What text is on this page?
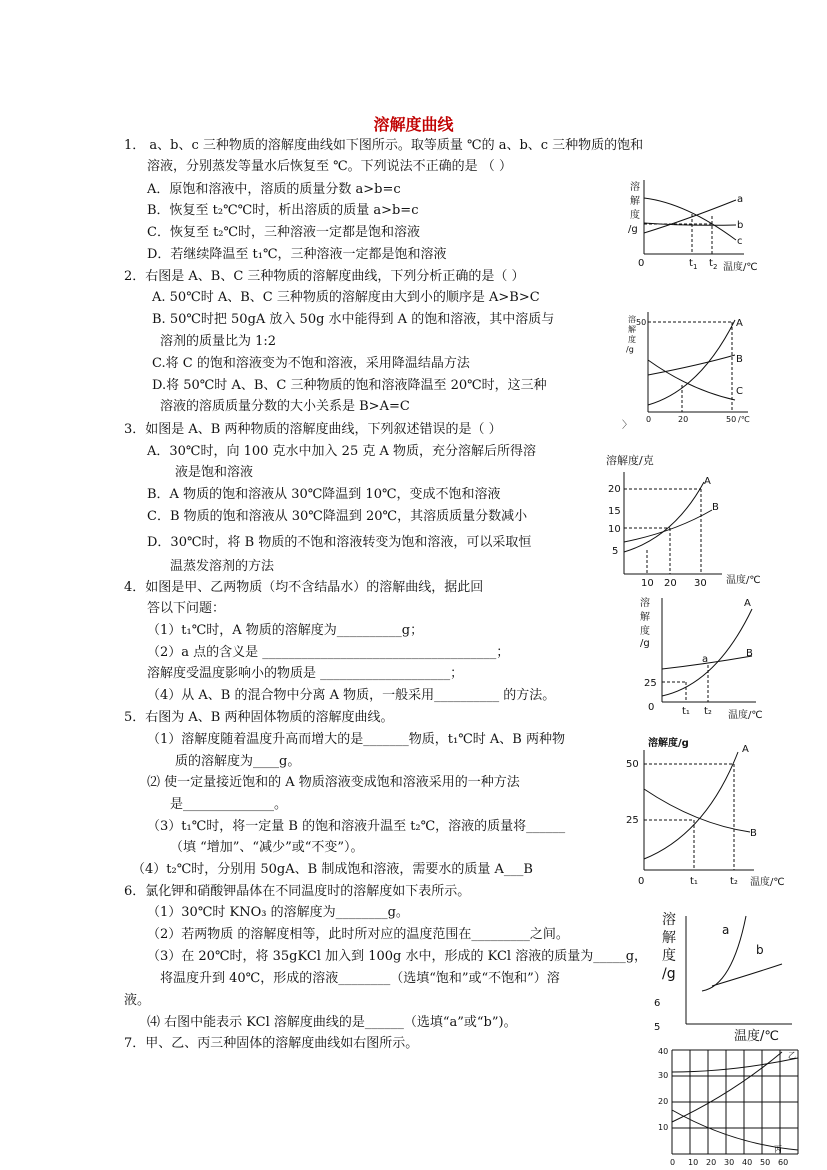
溶解度曲线
1． a、b、c 三种物质的溶解度曲线如下图所示。取等质量 ℃的 a、b、c 三种物质的饱和
溶液，分别蒸发等量水后恢复至 ℃。下列说法不正确的是 （ ）
A．原饱和溶液中，溶质的质量分数 a>b=c
B．恢复至 t₂℃℃时，析出溶质的质量 a>b=c
C．恢复至 t₂℃时，三种溶液一定都是饱和溶液
D．若继续降温至 t₁℃，三种溶液一定都是饱和溶液
2．右图是 A、B、C 三种物质的溶解度曲线，下列分析正确的是（ ）
A. 50℃时 A、B、C 三种物质的溶解度由大到小的顺序是 A>B>C
B. 50℃时把 50gA 放入 50g 水中能得到 A 的饱和溶液，其中溶质与
溶剂的质量比为 1:2
C.将 C 的饱和溶液变为不饱和溶液，采用降温结晶方法
D.将 50℃时 A、B、C 三种物质的饱和溶液降温至 20℃时，这三种
溶液的溶质质量分数的大小关系是 B>A=C
3．如图是 A、B 两种物质的溶解度曲线，下列叙述错误的是（ ）
A．30℃时，向 100 克水中加入 25 克 A 物质，充分溶解后所得溶
液是饱和溶液
B．A 物质的饱和溶液从 30℃降温到 10℃，变成不饱和溶液
C．B 物质的饱和溶液从 30℃降温到 20℃，其溶质质量分数减小
D．30℃时，将 B 物质的不饱和溶液转变为饱和溶液，可以采取恒
温蒸发溶剂的方法
4．如图是甲、乙两物质（均不含结晶水）的溶解曲线，据此回
答以下问题：
（1）t₁℃时，A 物质的溶解度为__________g；
（2）a 点的含义是 ____________________________________；
溶解度受温度影响小的物质是 ____________________；
（4）从 A、B 的混合物中分离 A 物质，一般采用__________ 的方法。
5．右图为 A、B 两种固体物质的溶解度曲线。
（1）溶解度随着温度升高而增大的是_______物质，t₁℃时 A、B 两种物
质的溶解度为____g。
⑵ 使一定量接近饱和的 A 物质溶液变成饱和溶液采用的一种方法
是______________。
（3）t₁℃时，将一定量 B 的饱和溶液升温至 t₂℃，溶液的质量将______
（填 “增加”、“减少”或“不变”）。
（4）t₂℃时，分别用 50gA、B 制成饱和溶液，需要水的质量 A___B
6．氯化钾和硝酸钾晶体在不同温度时的溶解度如下表所示。
（1）30℃时 KNO₃ 的溶解度为________g。
（2）若两物质 的溶解度相等，此时所对应的温度范围在_________之间。
（3）在 20℃时，将 35gKCl 加入到 100g 水中，形成的 KCl 溶液的质量为_____g，
将温度升到 40℃，形成的溶液________（选填“饱和”或“不饱和”）溶
液。
⑷ 右图中能表示 KCl 溶解度曲线的是______（选填“a”或“b”)。
7．甲、乙、丙三种固体的溶解度曲线如右图所示。
溶
解
度
/g
a
b
c
0	t 1 t 2 温度/℃
溶
解
度
/g
A
B
C
50
0	20	50 /℃
〉
溶解度/克
A
B
20
15
10
5
10 20 30 温度/℃
溶
解
度
/g
A
B
a
25
0	t₁ t₂ 温度/℃
溶解度/g
A
B
50
25
0	t₁	t₂ 温度/℃
溶
解
度
/g
a
b
6
5
温度/℃
40
30
20
10
乙
丙
0 10 20 30 40 50 60
